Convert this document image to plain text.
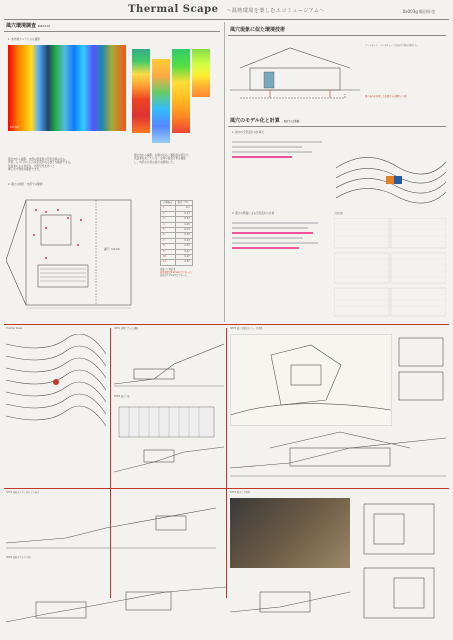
Thermal Scape 〜温熱環境を楽しむエコミュージアム〜	0x003g 飯田好也
風穴環境調査 2013.5.16
1. 赤外線カメラによる撮影
15:30
風穴内から撮影。内部の低温度の空気が涼み出る。
外部、入り口からも冷気が流れ出る様子を確認できる。
気温差による対流が、内部空気を外へと
押し出す現象が確認できた。
風穴内から撮影。右側の石は一番低温の部分で、
気温差を生じている。全体の温度分布を確認
し、内部の冷気の流れを観察した。
2. 風穴の現況・内部での観測
縮尺 1/100
計測地点	温度（℃）
1	0.1
2	0.17
3	0.27
4	0.15
5	0.13
6	0.13
7	0.23
8	0.41
9	0.27
10	0.27
11	0.27
風速の実測結果
最高風速は0.4m/s以下であった。
最低は0.1m/s程度であった。
風穴現象に似た環境技術
クールピット・アースチューブは地中の熱を利用する。
風の流れを利用した快適な室内環境の実現
風穴のモデル化と計算 〜周辺での計算値〜
1. 地中の空気流れの計算式
2. 風穴の断面による空気流れの計算	計算結果
Thermal Scape	SITE1 斜面に沿った通路
SITE2 展示空間
SITE3 風穴を臨むカフェ・休憩所
SITE1 地形を上手く活かした施設
SITE2 地形を生かす空間
SITE3 配置と平面図
